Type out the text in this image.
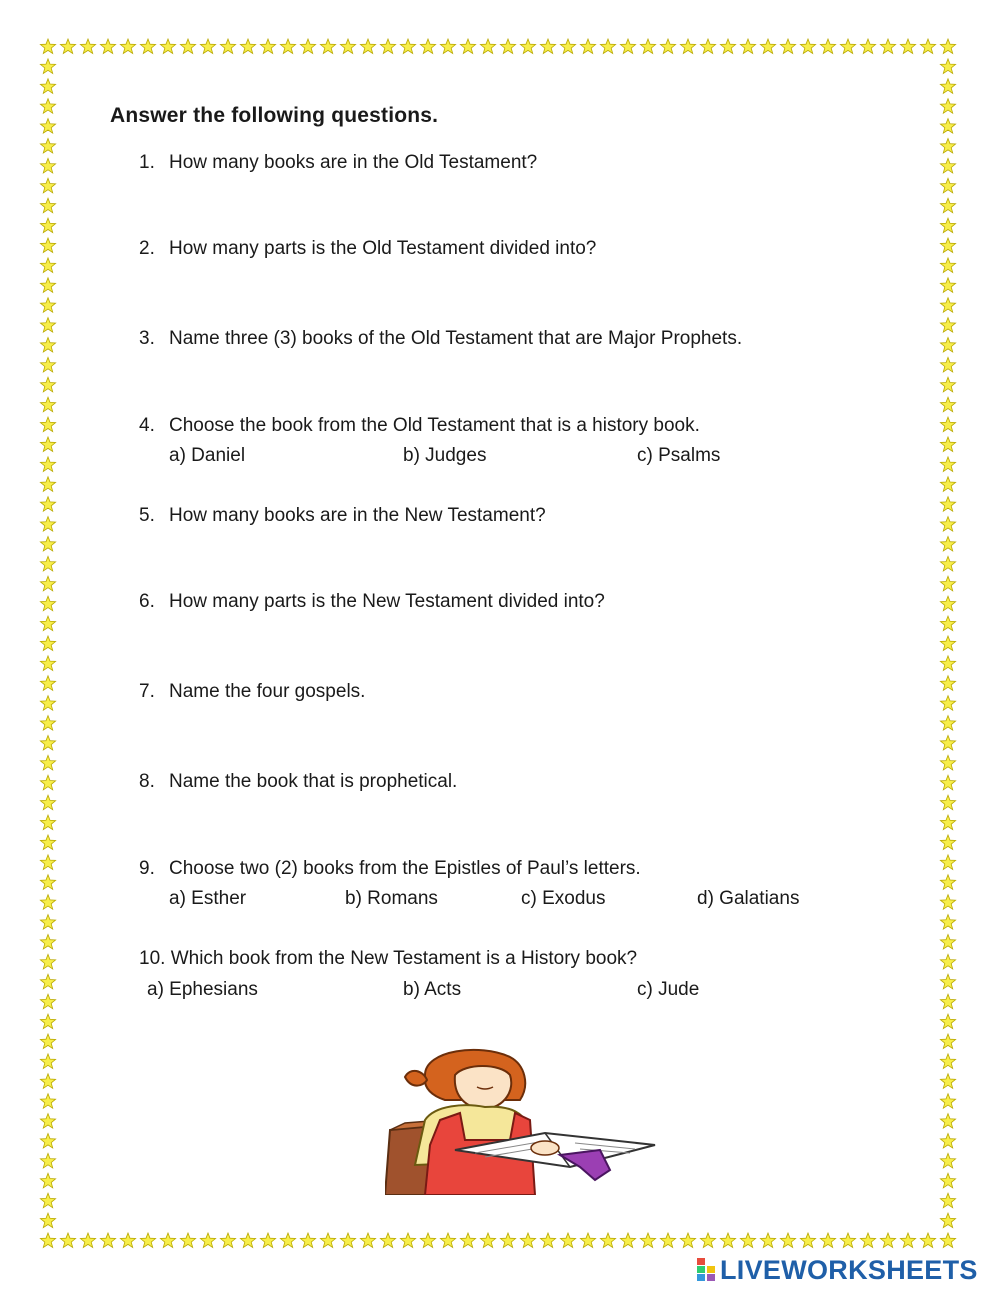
Answer the following questions.
1. How many books are in the Old Testament?
2. How many parts is the Old Testament divided into?
3. Name three (3) books of the Old Testament that are Major Prophets.
4. Choose the book from the Old Testament that is a history book.
a) Daniel	b) Judges	c) Psalms
5. How many books are in the New Testament?
6. How many parts is the New Testament divided into?
7. Name the four gospels.
8. Name the book that is prophetical.
9. Choose two (2) books from the Epistles of Paul’s letters.
a) Esther	b) Romans	c) Exodus	d) Galatians
10. Which book from the New Testament is a History book?
a) Ephesians	b) Acts	c) Jude
LIVEWORKSHEETS
